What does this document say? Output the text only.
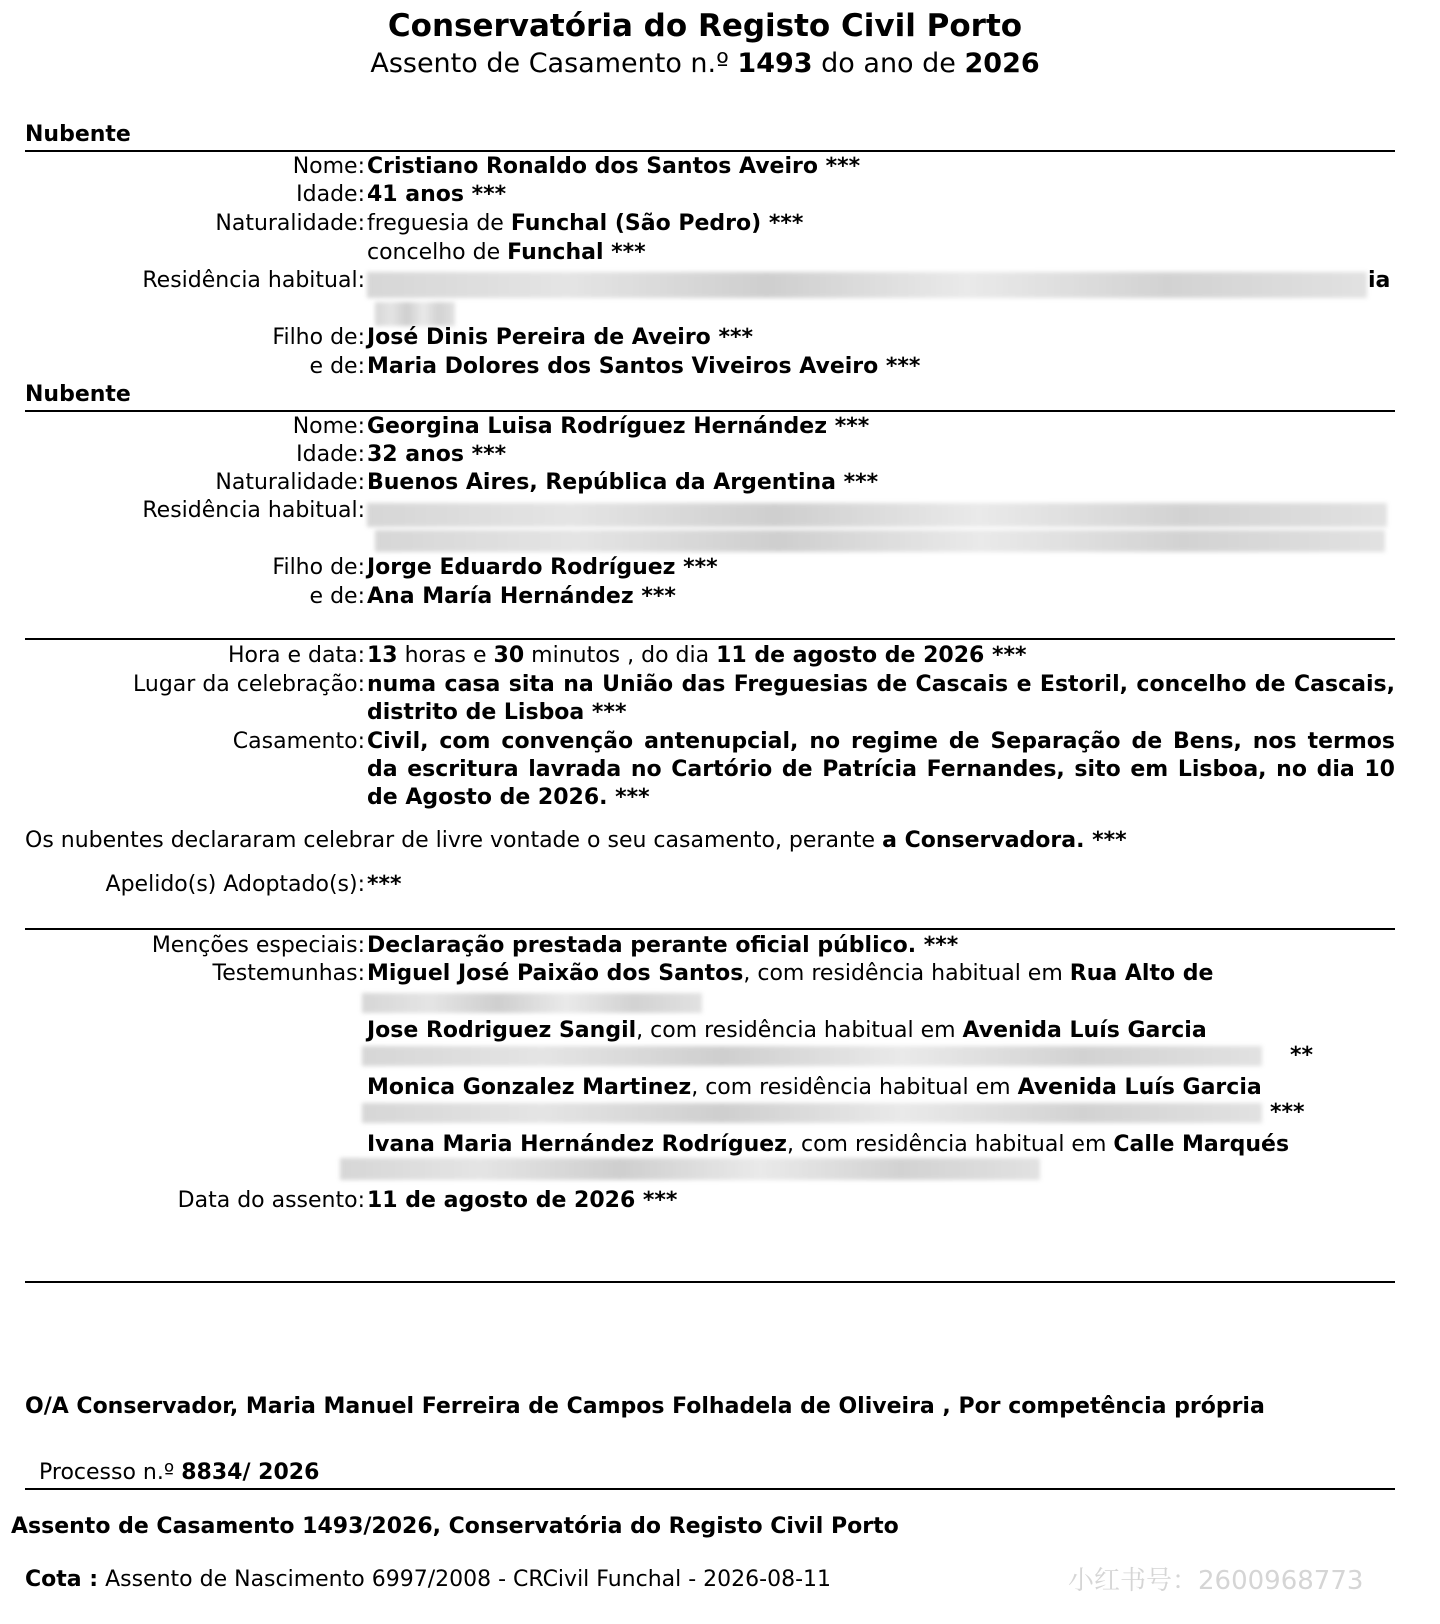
Conservatória do Registo Civil Porto
Assento de Casamento n.º 1493 do ano de 2026
Nubente
Nome: Cristiano Ronaldo dos Santos Aveiro ***
Idade: 41 anos ***
Naturalidade: freguesia de Funchal (São Pedro) ***
concelho de Funchal ***
Residência habitual:	ia
Filho de: José Dinis Pereira de Aveiro ***
e de: Maria Dolores dos Santos Viveiros Aveiro ***
Nubente
Nome: Georgina Luisa Rodríguez Hernández ***
Idade: 32 anos ***
Naturalidade: Buenos Aires, República da Argentina ***
Residência habitual:
Filho de: Jorge Eduardo Rodríguez ***
e de: Ana María Hernández ***
Hora e data: 13 horas e 30 minutos , do dia 11 de agosto de 2026 ***
Lugar da celebração: numa casa sita na União das Freguesias de Cascais e Estoril, concelho de Cascais, distrito de Lisboa ***
Casamento: Civil, com convenção antenupcial, no regime de Separação de Bens, nos termos da escritura lavrada no Cartório de Patrícia Fernandes, sito em Lisboa, no dia 10 de Agosto de 2026. ***
Os nubentes declararam celebrar de livre vontade o seu casamento, perante a Conservadora. ***
Apelido(s) Adoptado(s): ***
Menções especiais: Declaração prestada perante oficial público. ***
Testemunhas: Miguel José Paixão dos Santos, com residência habitual em Rua Alto de
Jose Rodriguez Sangil, com residência habitual em Avenida Luís Garcia
**
Monica Gonzalez Martinez, com residência habitual em Avenida Luís Garcia
***
Ivana Maria Hernández Rodríguez, com residência habitual em Calle Marqués
Data do assento: 11 de agosto de 2026 ***
O/A Conservador, Maria Manuel Ferreira de Campos Folhadela de Oliveira , Por competência própria
Processo n.º 8834/ 2026
Assento de Casamento 1493/2026, Conservatória do Registo Civil Porto
Cota : Assento de Nascimento 6997/2008 - CRCivil Funchal - 2026-08-11	小红书号：2600968773
